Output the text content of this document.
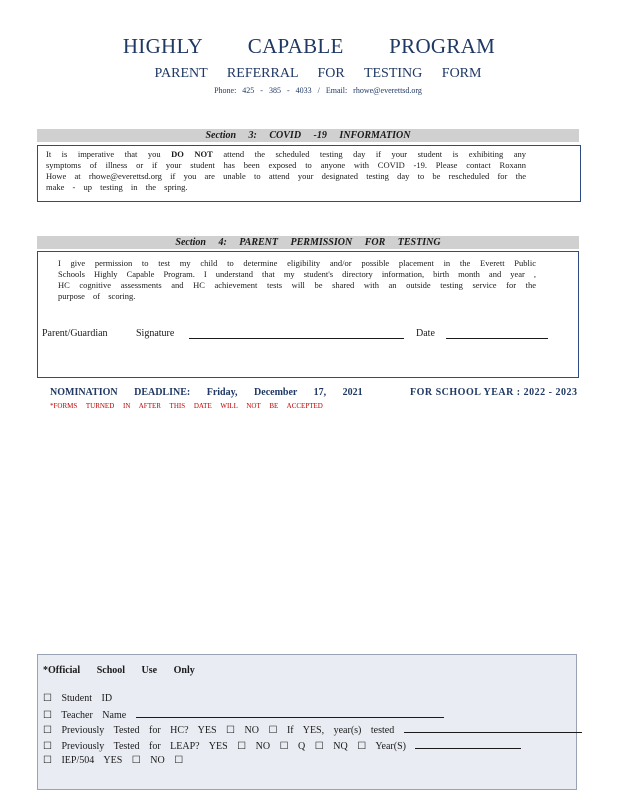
HIGHLY CAPABLE PROGRAM
PARENT REFERRAL FOR TESTING FORM
Phone: 425 - 385 - 4033 / Email: rhowe@everettsd.org
Section 3: COVID -19 INFORMATION
It is imperative that you DO NOT attend the scheduled testing day if your student is exhibiting any symptoms of illness or if your student has been exposed to anyone with COVID -19. Please contact Roxann Howe at rhowe@everettsd.org if you are unable to attend your designated testing day to be rescheduled for the make - up testing in the spring.
Section 4: PARENT PERMISSION FOR TESTING
I give permission to test my child to determine eligibility and/or possible placement in the Everett Public Schools Highly Capable Program. I understand that my student's directory information, birth month and year , HC cognitive assessments and HC achievement tests will be shared with an outside testing service for the purpose of scoring.
Parent/Guardian	Signature	Date
NOMINATION DEADLINE: Friday, December 17, 2021	FOR SCHOOL YEAR : 2022 - 2023
*FORMS TURNED IN AFTER THIS DATE WILL NOT BE ACCEPTED
*Official School Use Only
☐ Student ID
☐ Teacher Name
☐ Previously Tested for HC? YES ☐ NO ☐ If YES, year(s) tested
☐ Previously Tested for LEAP? YES ☐ NO ☐ Q ☐ NQ ☐ Year(S)
☐ IEP/504 YES ☐ NO ☐
